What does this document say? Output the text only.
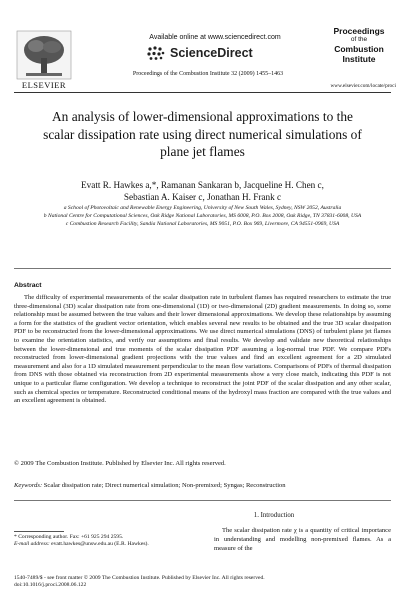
ELSEVIER
Available online at www.sciencedirect.com
ScienceDirect
Proceedings of the Combustion Institute 32 (2009) 1455–1463
Proceedings
of the
Combustion
Institute
www.elsevier.com/locate/proci
An analysis of lower-dimensional approximations to the scalar dissipation rate using direct numerical simulations of plane jet flames
Evatt R. Hawkes a,*, Ramanan Sankaran b, Jacqueline H. Chen c,
Sebastian A. Kaiser c, Jonathan H. Frank c

a School of Photovoltaic and Renewable Energy Engineering, University of New South Wales, Sydney, NSW 2052, Australia

b National Centre for Computational Sciences, Oak Ridge National Laboratories, MS 6008, P.O. Box 2008, Oak Ridge, TN 37831-6008, USA

c Combustion Research Facility, Sandia National Laboratories, MS 9051, P.O. Box 969, Livermore, CA 94551-0969, USA

Abstract
The difficulty of experimental measurements of the scalar dissipation rate in turbulent flames has required researchers to estimate the true three-dimensional (3D) scalar dissipation rate from one-dimensional (1D) or two-dimensional (2D) gradient measurements. In doing so, some relationship must be assumed between the true values and their lower dimensional approximations. We develop these relationships by assuming a form for the statistics of the gradient vector orientation, which enables several new results to be obtained and the true 3D scalar dissipation PDF to be reconstructed from the lower-dimensional approximations. We use direct numerical simulations (DNS) of turbulent plane jet flames to examine the orientation statistics, and verify our assumptions and final results. We develop and validate new theoretical relationships between the lower-dimensional and true moments of the scalar dissipation PDF assuming a log-normal true PDF. We compare PDFs reconstructed from lower-dimensional gradient projections with the true values and find an excellent agreement for a 2D simulated measurement and also for a 1D simulated measurement perpendicular to the mean flow variations. Comparisons of PDFs of thermal dissipation from DNS with those obtained via reconstruction from 2D experimental measurements show a very close match, indicating this PDF is not unique to a particular flame configuration. We develop a technique to reconstruct the joint PDF of the scalar dissipation and any other scalar, such as chemical species or temperature. Reconstructed conditional means of the hydroxyl mass fraction are compared with the true values and an excellent agreement is obtained.
© 2009 The Combustion Institute. Published by Elsevier Inc. All rights reserved.
Keywords: Scalar dissipation rate; Direct numerical simulation; Non-premixed; Syngas; Reconstruction
1. Introduction
The scalar dissipation rate χ is a quantity of critical importance in understanding and modelling non-premixed flames. As a measure of the
* Corresponding author. Fax: +61 925 294 2595.
E-mail address: evatt.hawkes@unsw.edu.au (E.R. Hawkes).
1540-7489/$ - see front matter © 2009 The Combustion Institute. Published by Elsevier Inc. All rights reserved.
doi:10.1016/j.proci.2008.06.122
